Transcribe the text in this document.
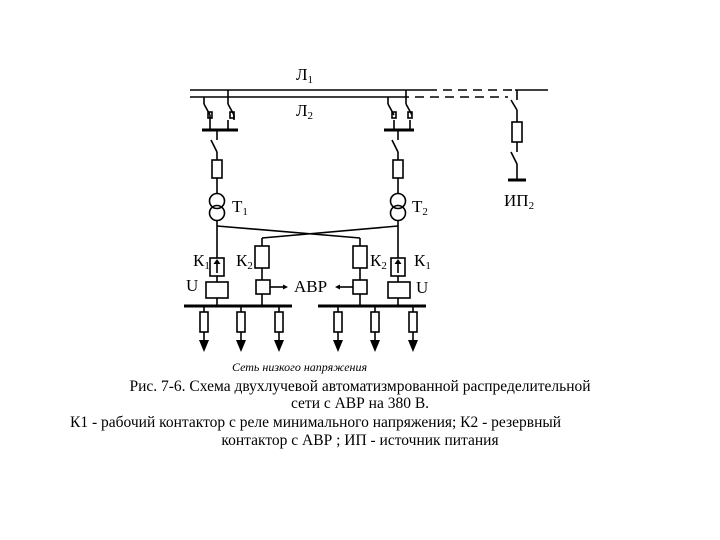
Л1
Л2
Т1	Т2
ИП2
К1 К2	К2 К1
U	U
АВР
Сеть низкого напряжения

Рис. 7-6. Схема двухлучевой автоматизмрованной распределительной

сети с АВР на 380 В.

К1 - рабочий контактор с реле минимального напряжения; К2 - резервный

контактор с АВР ; ИП - источник питания
